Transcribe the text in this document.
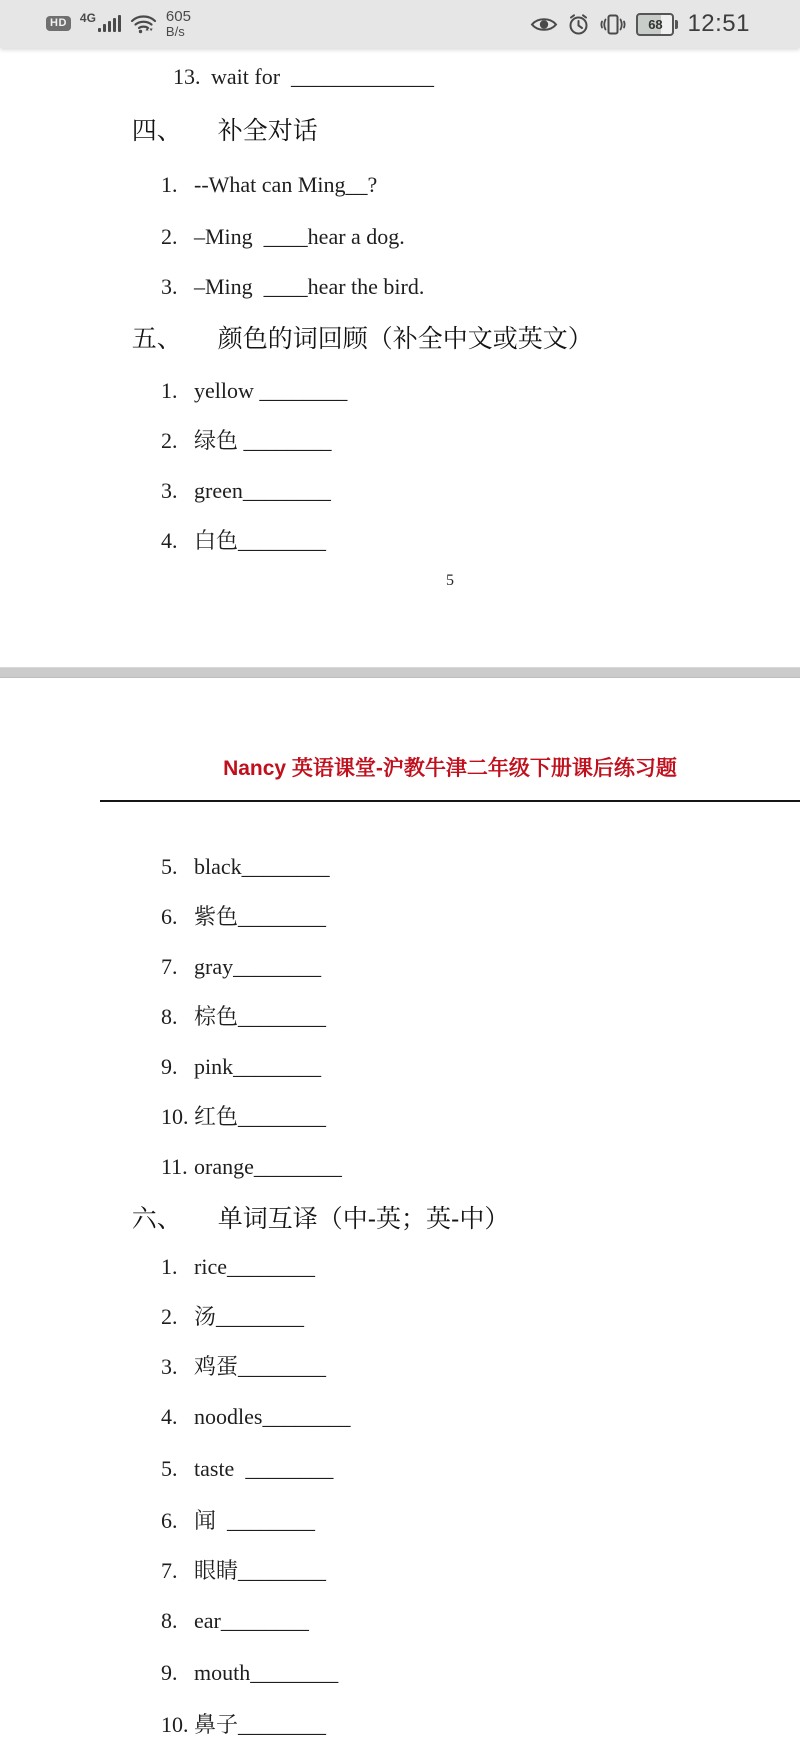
HD	4G	605
B/s
68	12:51

13. wait for  _____________

四、 补全对话

1. --What can Ming__?

2. –Ming  ____hear a dog.

3. –Ming  ____hear the bird.

五、 颜色的词回顾（补全中文或英文）

1. yellow ________

2. 绿色 ________

3. green________

4. 白色________

5
Nancy 英语课堂-沪教牛津二年级下册课后练习题

5. black________

6. 紫色________

7. gray________

8. 棕色________

9. pink________

10. 红色________

11. orange________

六、 单词互译（中-英；英-中）

1. rice________

2. 汤________

3. 鸡蛋________

4. noodles________

5. taste  ________

6. 闻  ________

7. 眼睛________

8. ear________

9. mouth________

10. 鼻子________
